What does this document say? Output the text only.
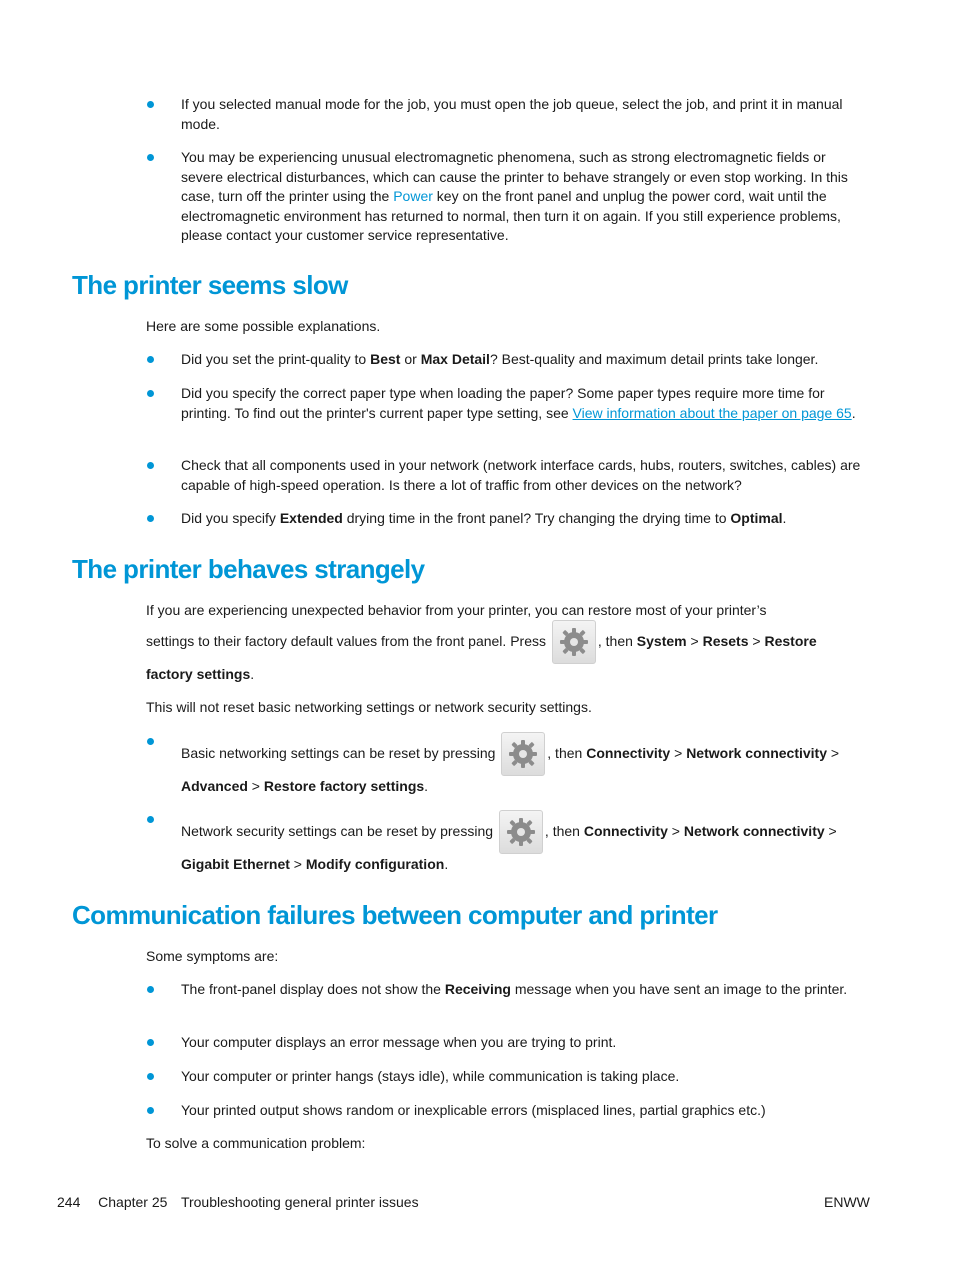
If you selected manual mode for the job, you must open the job queue, select the job, and print it in manual mode.
You may be experiencing unusual electromagnetic phenomena, such as strong electromagnetic fields or severe electrical disturbances, which can cause the printer to behave strangely or even stop working. In this case, turn off the printer using the Power key on the front panel and unplug the power cord, wait until the electromagnetic environment has returned to normal, then turn it on again. If you still experience problems, please contact your customer service representative.
The printer seems slow
Here are some possible explanations.
Did you set the print-quality to Best or Max Detail? Best-quality and maximum detail prints take longer.
Did you specify the correct paper type when loading the paper? Some paper types require more time for printing. To find out the printer's current paper type setting, see View information about the paper on page 65.
Check that all components used in your network (network interface cards, hubs, routers, switches, cables) are capable of high-speed operation. Is there a lot of traffic from other devices on the network?
Did you specify Extended drying time in the front panel? Try changing the drying time to Optimal.
The printer behaves strangely
If you are experiencing unexpected behavior from your printer, you can restore most of your printer’s
settings to their factory default values from the front panel. Press	, then System > Resets > Restore
factory settings.
This will not reset basic networking settings or network security settings.
Basic networking settings can be reset by pressing	, then Connectivity > Network connectivity >
Advanced > Restore factory settings.
Network security settings can be reset by pressing	, then Connectivity > Network connectivity >
Gigabit Ethernet > Modify configuration.
Communication failures between computer and printer
Some symptoms are:
The front-panel display does not show the Receiving message when you have sent an image to the printer.
Your computer displays an error message when you are trying to print.
Your computer or printer hangs (stays idle), while communication is taking place.
Your printed output shows random or inexplicable errors (misplaced lines, partial graphics etc.)
To solve a communication problem:
244 Chapter 25 Troubleshooting general printer issues	ENWW
